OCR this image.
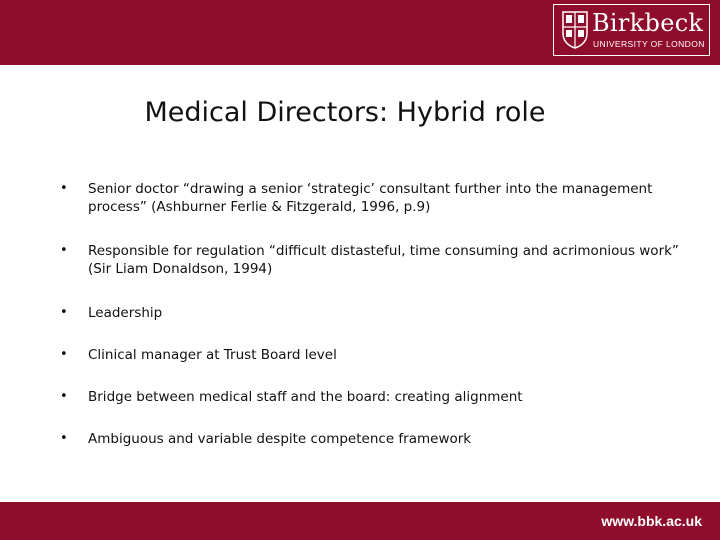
Birkbeck
UNIVERSITY OF LONDON
Medical Directors: Hybrid role
• Senior doctor “drawing a senior ‘strategic’ consultant further into the management process” (Ashburner Ferlie & Fitzgerald, 1996, p.9)
• Responsible for regulation “difficult distasteful, time consuming and acrimonious work” (Sir Liam Donaldson, 1994)
• Leadership
• Clinical manager at Trust Board level
• Bridge between medical staff and the board: creating alignment
• Ambiguous and variable despite competence framework
www.bbk.ac.uk
